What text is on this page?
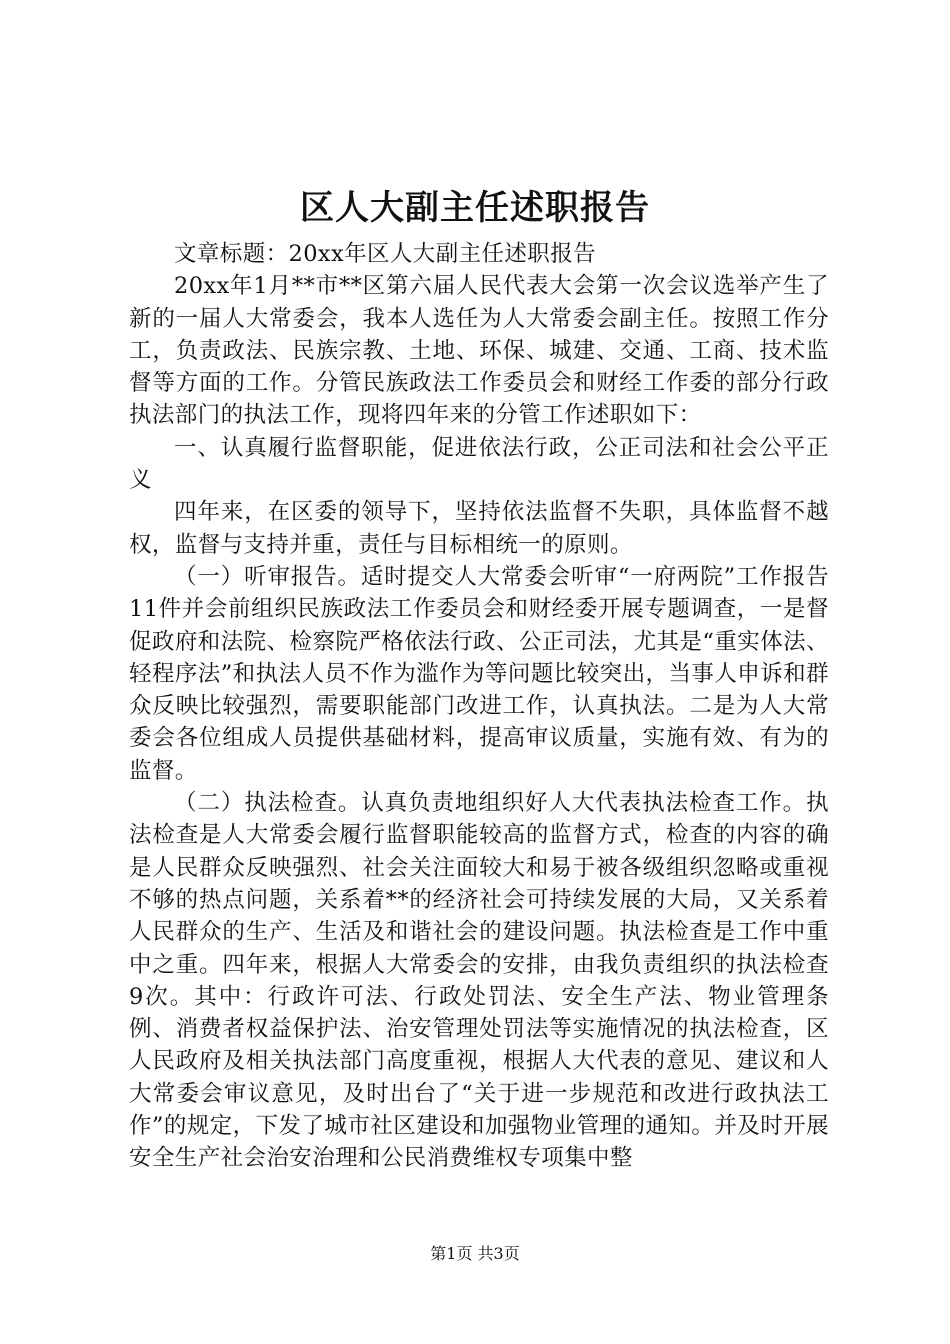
区人大副主任述职报告

文章标题：20xx年区人大副主任述职报告

20xx年1月**市**区第六届人民代表大会第一次会议选举产生了新的一届人大常委会，我本人选任为人大常委会副主任。按照工作分工，负责政法、民族宗教、土地、环保、城建、交通、工商、技术监督等方面的工作。分管民族政法工作委员会和财经工作委的部分行政执法部门的执法工作，现将四年来的分管工作述职如下：

一、认真履行监督职能，促进依法行政，公正司法和社会公平正义

四年来，在区委的领导下，坚持依法监督不失职，具体监督不越权，监督与支持并重，责任与目标相统一的原则。

（一）听审报告。适时提交人大常委会听审“一府两院”工作报告11件并会前组织民族政法工作委员会和财经委开展专题调查，一是督促政府和法院、检察院严格依法行政、公正司法，尤其是“重实体法、轻程序法”和执法人员不作为滥作为等问题比较突出，当事人申诉和群众反映比较强烈，需要职能部门改进工作，认真执法。二是为人大常委会各位组成人员提供基础材料，提高审议质量，实施有效、有为的监督。

（二）执法检查。认真负责地组织好人大代表执法检查工作。执法检查是人大常委会履行监督职能较高的监督方式，检查的内容的确是人民群众反映强烈、社会关注面较大和易于被各级组织忽略或重视不够的热点问题，关系着**的经济社会可持续发展的大局，又关系着人民群众的生产、生活及和谐社会的建设问题。执法检查是工作中重中之重。四年来，根据人大常委会的安排，由我负责组织的执法检查9次。其中：行政许可法、行政处罚法、安全生产法、物业管理条例、消费者权益保护法、治安管理处罚法等实施情况的执法检查，区人民政府及相关执法部门高度重视，根据人大代表的意见、建议和人大常委会审议意见，及时出台了“关于进一步规范和改进行政执法工作”的规定，下发了城市社区建设和加强物业管理的通知。并及时开展安全生产社会治安治理和公民消费维权专项集中整

第1页 共3页
